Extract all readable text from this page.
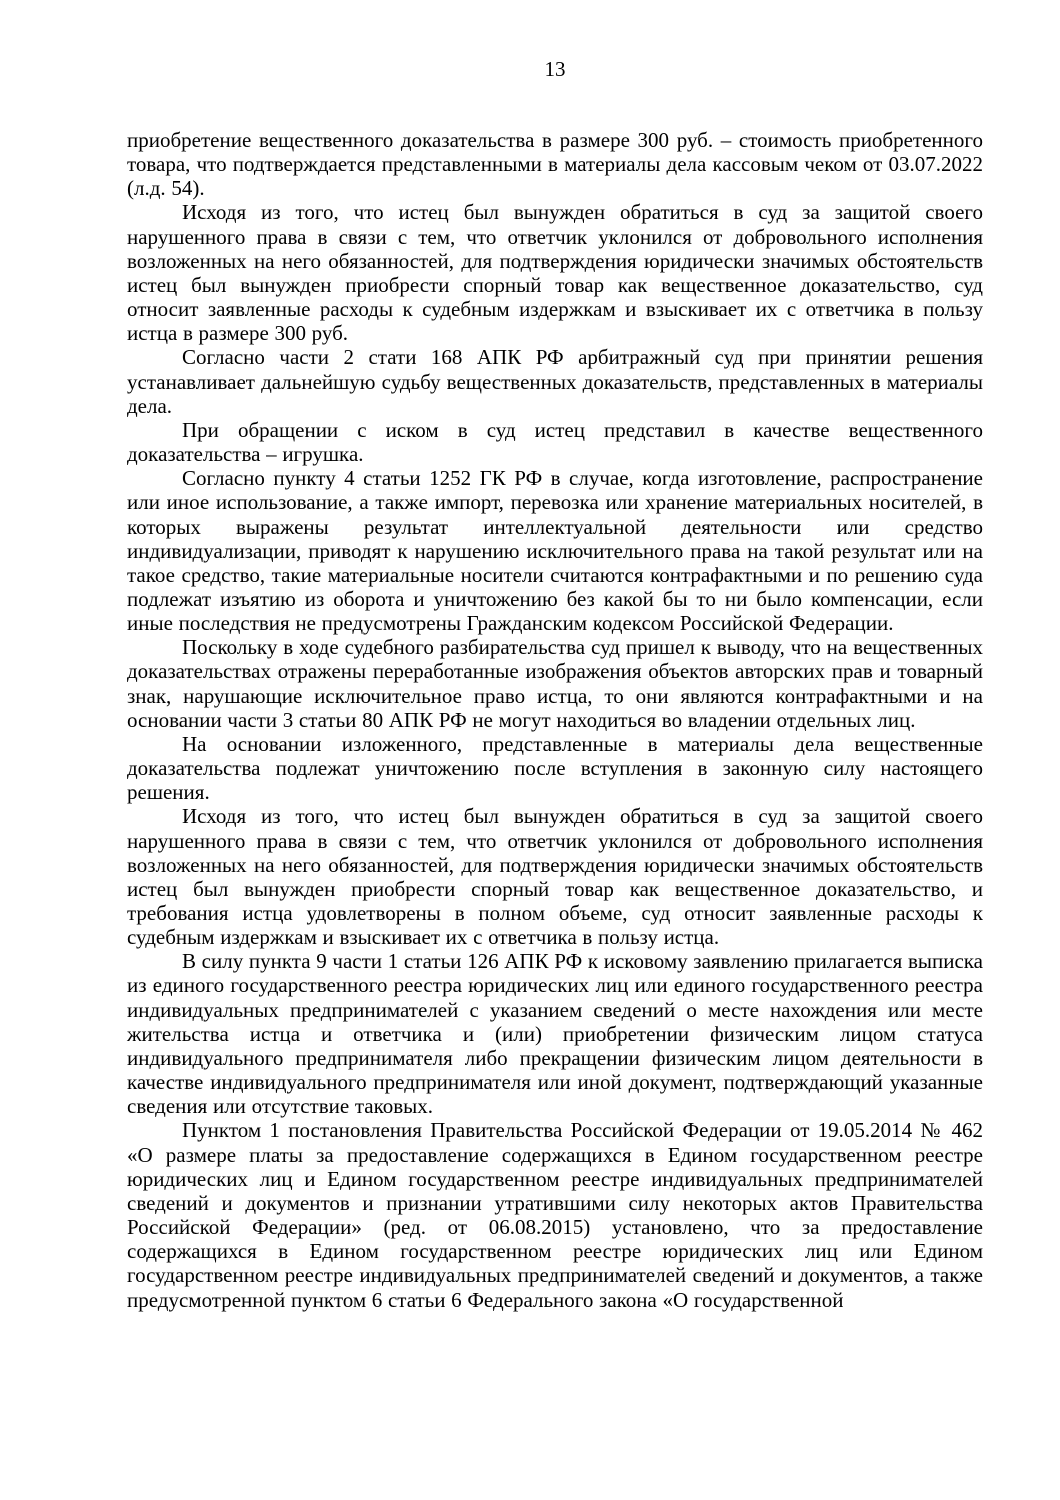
13

приобретение вещественного доказательства в размере 300 руб. – стоимость приобретенного товара, что подтверждается представленными в материалы дела кассовым чеком от 03.07.2022 (л.д. 54).

Исходя из того, что истец был вынужден обратиться в суд за защитой своего нарушенного права в связи с тем, что ответчик уклонился от добровольного исполнения возложенных на него обязанностей, для подтверждения юридически значимых обстоятельств истец был вынужден приобрести спорный товар как вещественное доказательство, суд относит заявленные расходы к судебным издержкам и взыскивает их с ответчика в пользу истца в размере 300 руб.

Согласно части 2 стати 168 АПК РФ арбитражный суд при принятии решения устанавливает дальнейшую судьбу вещественных доказательств, представленных в материалы дела.

При обращении с иском в суд истец представил в качестве вещественного доказательства – игрушка.

Согласно пункту 4 статьи 1252 ГК РФ в случае, когда изготовление, распространение или иное использование, а также импорт, перевозка или хранение материальных носителей, в которых выражены результат интеллектуальной деятельности или средство индивидуализации, приводят к нарушению исключительного права на такой результат или на такое средство, такие материальные носители считаются контрафактными и по решению суда подлежат изъятию из оборота и уничтожению без какой бы то ни было компенсации, если иные последствия не предусмотрены Гражданским кодексом Российской Федерации.

Поскольку в ходе судебного разбирательства суд пришел к выводу, что на вещественных доказательствах отражены переработанные изображения объектов авторских прав и товарный знак, нарушающие исключительное право истца, то они являются контрафактными и на основании части 3 статьи 80 АПК РФ не могут находиться во владении отдельных лиц.

На основании изложенного, представленные в материалы дела вещественные доказательства подлежат уничтожению после вступления в законную силу настоящего решения.

Исходя из того, что истец был вынужден обратиться в суд за защитой своего нарушенного права в связи с тем, что ответчик уклонился от добровольного исполнения возложенных на него обязанностей, для подтверждения юридически значимых обстоятельств истец был вынужден приобрести спорный товар как вещественное доказательство, и требования истца удовлетворены в полном объеме, суд относит заявленные расходы к судебным издержкам и взыскивает их с ответчика в пользу истца.

В силу пункта 9 части 1 статьи 126 АПК РФ к исковому заявлению прилагается выписка из единого государственного реестра юридических лиц или единого государственного реестра индивидуальных предпринимателей с указанием сведений о месте нахождения или месте жительства истца и ответчика и (или) приобретении физическим лицом статуса индивидуального предпринимателя либо прекращении физическим лицом деятельности в качестве индивидуального предпринимателя или иной документ, подтверждающий указанные сведения или отсутствие таковых.

Пунктом 1 постановления Правительства Российской Федерации от 19.05.2014 № 462 «О размере платы за предоставление содержащихся в Едином государственном реестре юридических лиц и Едином государственном реестре индивидуальных предпринимателей сведений и документов и признании утратившими силу некоторых актов Правительства Российской Федерации» (ред. от 06.08.2015) установлено, что за предоставление содержащихся в Едином государственном реестре юридических лиц или Едином государственном реестре индивидуальных предпринимателей сведений и документов, а также предусмотренной пунктом 6 статьи 6 Федерального закона «О государственной
